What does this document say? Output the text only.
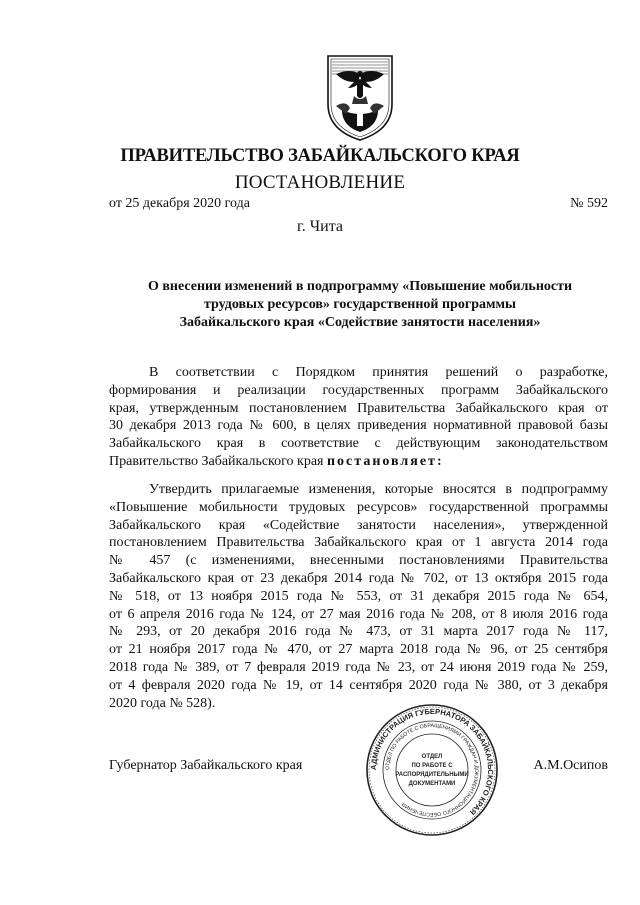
ПРАВИТЕЛЬСТВО ЗАБАЙКАЛЬСКОГО КРАЯ
ПОСТАНОВЛЕНИЕ
от 25 декабря 2020 года	№ 592
г. Чита
О внесении изменений в подпрограмму «Повышение мобильности
трудовых ресурсов» государственной программы
Забайкальского края «Содействие занятости населения»
В соответствии с Порядком принятия решений о разработке,
формирования и реализации государственных программ Забайкальского
края, утвержденным постановлением Правительства Забайкальского края от
30 декабря 2013 года № 600, в целях приведения нормативной правовой базы
Забайкальского края в соответствие с действующим законодательством
Правительство Забайкальского края постановляет:
Утвердить прилагаемые изменения, которые вносятся в подпрограмму
«Повышение мобильности трудовых ресурсов» государственной программы
Забайкальского края «Содействие занятости населения», утвержденной
постановлением Правительства Забайкальского края от 1 августа 2014 года
№ 457 (с изменениями, внесенными постановлениями Правительства
Забайкальского края от 23 декабря 2014 года № 702, от 13 октября 2015 года
№ 518, от 13 ноября 2015 года № 553, от 31 декабря 2015 года № 654,
от 6 апреля 2016 года № 124, от 27 мая 2016 года № 208, от 8 июля 2016 года
№ 293, от 20 декабря 2016 года № 473, от 31 марта 2017 года № 117,
от 21 ноября 2017 года № 470, от 27 марта 2018 года № 96, от 25 сентября
2018 года № 389, от 7 февраля 2019 года № 23, от 24 июня 2019 года № 259,
от 4 февраля 2020 года № 19, от 14 сентября 2020 года № 380, от 3 декабря
2020 года № 528).
Губернатор Забайкальского края	А.М.Осипов
АДМИНИСТРАЦИЯ ГУБЕРНАТОРА ЗАБАЙКАЛЬСКОГО КРАЯ
ОТДЕЛ ПО РАБОТЕ С ОБРАЩЕНИЯМИ ГРАЖДАН И ДОКУМЕНТАЦИОННОГО ОБЕСПЕЧЕНИЯ
ОТДЕЛ
ПО РАБОТЕ С
РАСПОРЯДИТЕЛЬНЫМИ
ДОКУМЕНТАМИ
